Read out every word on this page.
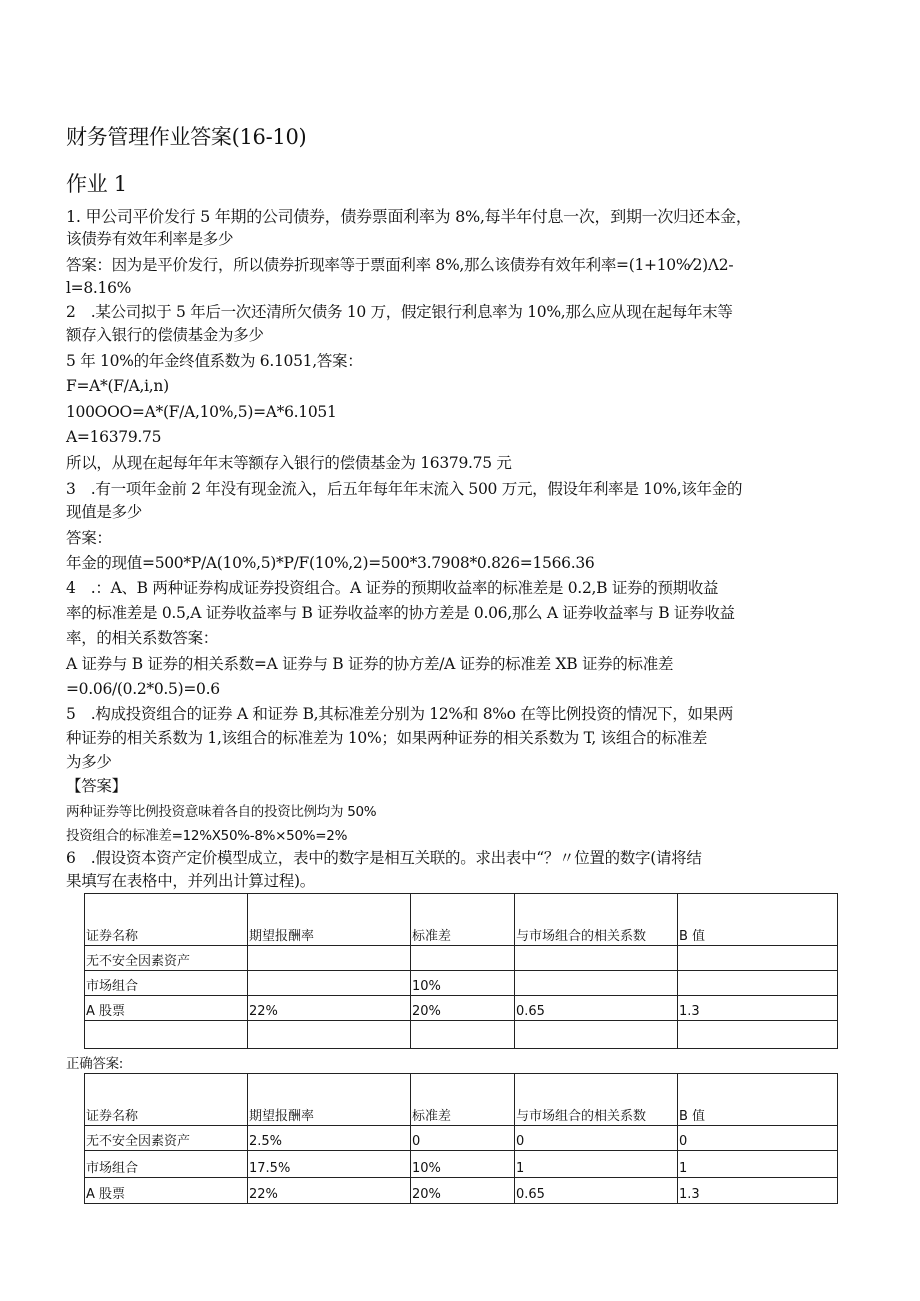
财务管理作业答案(16-10)
作业 1
1. 甲公司平价发行 5 年期的公司债券，债券票面利率为 8%,每半年付息一次，到期一次归还本金，
该债券有效年利率是多少
答案：因为是平价发行，所以债券折现率等于票面利率 8%,那么该债券有效年利率=(1+10%⁄2)Λ2-
l=8.16%
2　.某公司拟于 5 年后一次还清所欠债务 10 万，假定银行利息率为 10%,那么应从现在起每年末等
额存入银行的偿债基金为多少
5 年 10%的年金终值系数为 6.1051,答案：
F=A*(F/A,i,n)
100OOO=A*(F/A,10%,5)=A*6.1051
A=16379.75
所以，从现在起每年年末等额存入银行的偿债基金为 16379.75 元
3　.有一项年金前 2 年没有现金流入，后五年每年年末流入 500 万元，假设年利率是 10%,该年金的
现值是多少
答案：
年金的现值=500*P/A(10%,5)*P/F(10%,2)=500*3.7908*0.826=1566.36
4　.：A、B 两种证券构成证券投资组合。A 证券的预期收益率的标准差是 0.2,B 证券的预期收益
率的标准差是 0.5,A 证券收益率与 B 证券收益率的协方差是 0.06,那么 A 证券收益率与 B 证券收益
率，的相关系数答案：
A 证券与 B 证券的相关系数=A 证券与 B 证券的协方差/A 证券的标准差 XB 证券的标准差
=0.06/(0.2*0.5)=0.6
5　.构成投资组合的证券 A 和证券 B,其标准差分别为 12%和 8%o 在等比例投资的情况下，如果两
种证券的相关系数为 1,该组合的标准差为 10%；如果两种证券的相关系数为 T, 该组合的标准差
为多少
【答案】
两种证券等比例投资意味着各自的投资比例均为 50%
投资组合的标准差=12%X50%-8%×50%=2%
6　.假设资本资产定价模型成立，表中的数字是相互关联的。求出表中“？〃位置的数字(请将结
果填写在表格中，并列出计算过程)。
证券名称	期望报酬率	标准差	与市场组合的相关系数	B 值
无不安全因素资产				
市场组合		10%		
A 股票	22%	20%	0.65	1.3

正确答案:
证券名称	期望报酬率	标准差	与市场组合的相关系数	B 值
无不安全因素资产	2.5%	0	0	0
市场组合	17.5%	10%	1	1
A 股票	22%	20%	0.65	1.3
